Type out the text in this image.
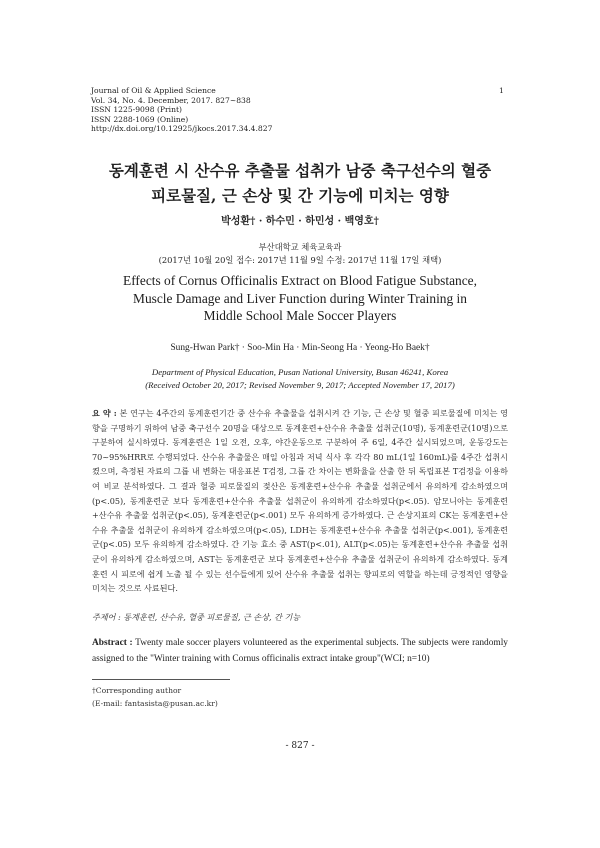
Journal of Oil & Applied Science
Vol. 34, No. 4. December, 2017. 827~838
ISSN 1225-9098 (Print)
ISSN 2288-1069 (Online)
http://dx.doi.org/10.12925/jkocs.2017.34.4.827
1
동계훈련 시 산수유 추출물 섭취가 남중 축구선수의 혈중
피로물질, 근 손상 및 간 기능에 미치는 영향
박성환† · 하수민 · 하민성 · 백영호†
부산대학교 체육교육과
(2017년 10월 20일 접수: 2017년 11월 9일 수정: 2017년 11월 17일 채택)
Effects of Cornus Officinalis Extract on Blood Fatigue Substance,
Muscle Damage and Liver Function during Winter Training in
Middle School Male Soccer Players
Sung-Hwan Park† · Soo-Min Ha · Min-Seong Ha · Yeong-Ho Baek†
Department of Physical Education, Pusan National University, Busan 46241, Korea
(Received October 20, 2017; Revised November 9, 2017; Accepted November 17, 2017)
요 약 : 본 연구는 4주간의 동계훈련기간 중 산수유 추출물을 섭취시켜 간 기능, 근 손상 및 혈중 피로물질에 미치는 영향을 구명하기 위하여 남중 축구선수 20명을 대상으로 동계훈련+산수유 추출물 섭취군(10명), 동계훈련군(10명)으로 구분하여 실시하였다. 동계훈련은 1일 오전, 오후, 야간운동으로 구분하여 주 6일, 4주간 실시되었으며, 운동강도는 70~95%HRR로 수행되었다. 산수유 추출물은 매일 아침과 저녁 식사 후 각각 80 mL(1일 160mL)를 4주간 섭취시켰으며, 측정된 자료의 그룹 내 변화는 대응표본 T검정, 그룹 간 차이는 변화율을 산출 한 뒤 독립표본 T검정을 이용하여 비교 분석하였다. 그 결과 혈중 피로물질의 젖산은 동계훈련+산수유 추출물 섭취군에서 유의하게 감소하였으며(p<.05), 동계훈련군 보다 동계훈련+산수유 추출물 섭취군이 유의하게 감소하였다(p<.05). 암모니아는 동계훈련+산수유 추출물 섭취군(p<.05), 동계훈련군(p<.001) 모두 유의하게 증가하였다. 근 손상지표의 CK는 동계훈련+산수유 추출물 섭취군이 유의하게 감소하였으며(p<.05), LDH는 동계훈련+산수유 추출물 섭취군(p<.001), 동계훈련군(p<.05) 모두 유의하게 감소하였다. 간 기능 효소 중 AST(p<.01), ALT(p<.05)는 동계훈련+산수유 추출물 섭취군이 유의하게 감소하였으며, AST는 동계훈련군 보다 동계훈련+산수유 추출물 섭취군이 유의하게 감소하였다. 동계훈련 시 피로에 쉽게 노출 될 수 있는 선수들에게 있어 산수유 추출물 섭취는 향피로의 역할을 하는데 긍정적인 영향을 미치는 것으로 사료된다.
주제어 : 동계훈련, 산수유, 혈중 피로물질, 근 손상, 간 기능
Abstract : Twenty male soccer players volunteered as the experimental subjects. The subjects were randomly assigned to the "Winter training with Cornus officinalis extract intake group"(WCI; n=10)
†Corresponding author
(E-mail: fantasista@pusan.ac.kr)
- 827 -
